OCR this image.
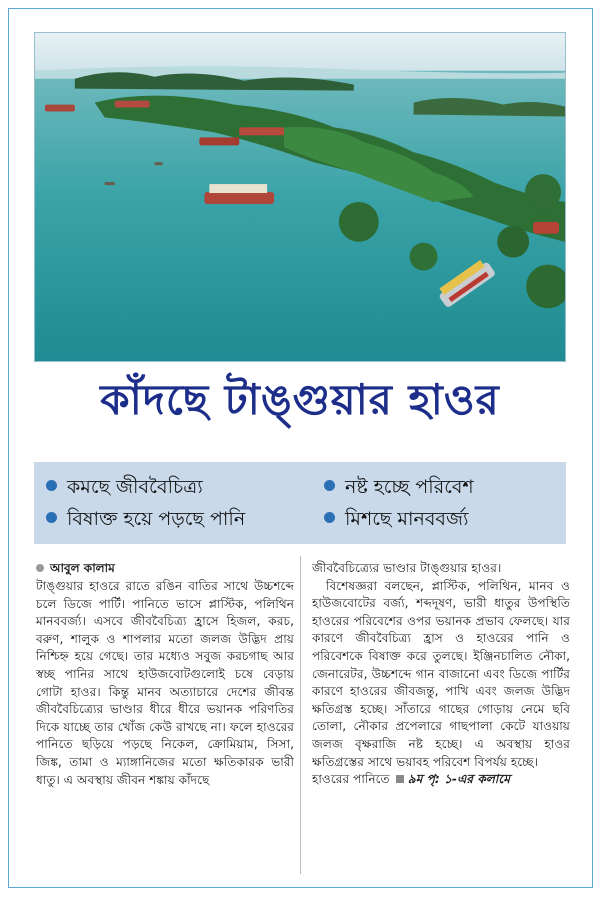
কাঁদছে টাঙ্গুয়ার হাওর
কমছে জীববৈচিত্র্য	নষ্ট হচ্ছে পরিবেশ
বিষাক্ত হয়ে পড়ছে পানি	মিশছে মানববর্জ্য
আবুল কালাম

টাঙ্গুয়ার হাওরে রাতে রঙিন বাতির সাথে উচ্চশব্দে চলে ডিজে পার্টি। পানিতে ভাসে প্লাস্টিক, পলিথিন মানববর্জ্য। এসবে জীববৈচিত্র্য হ্রাসে হিজল, করচ, বরুণ, শালুক ও শাপলার মতো জলজ উদ্ভিদ প্রায় নিশ্চিহ্ন হয়ে গেছে। তার মধ্যেও সবুজ করচগাছ আর স্বচ্ছ পানির সাথে হাউজবোটগুলোই চষে বেড়ায় গোটা হাওর। কিন্তু মানব অত্যাচারে দেশের জীবন্ত জীববৈচিত্র্যের ভাণ্ডার ধীরে ধীরে ভয়ানক পরিণতির দিকে যাচ্ছে তার খোঁজ কেউ রাখছে না। ফলে হাওরের পানিতে ছড়িয়ে পড়ছে নিকেল, ক্রোমিয়াম, সিসা, জিঙ্ক, তামা ও ম্যাঙ্গানিজের মতো ক্ষতিকারক ভারী ধাতু। এ অবস্থায় জীবন শঙ্কায় কাঁদছে

জীববৈচিত্র্যের ভাণ্ডার টাঙ্গুয়ার হাওর।

বিশেষজ্ঞরা বলছেন, প্লাস্টিক, পলিথিন, মানব ও হাউজবোটের বর্জ্য, শব্দদূষণ, ভারী ধাতুর উপস্থিতি হাওরের পরিবেশের ওপর ভয়ানক প্রভাব ফেলছে। যার কারণে জীববৈচিত্র্য হ্রাস ও হাওরের পানি ও পরিবেশকে বিষাক্ত করে তুলছে। ইঞ্জিনচালিত নৌকা, জেনারেটর, উচ্চশব্দে গান বাজানো এবং ডিজে পার্টির কারণে হাওরের জীবজন্তু, পাখি এবং জলজ উদ্ভিদ ক্ষতিগ্রস্ত হচ্ছে। সাঁতারে গাছের গোড়ায় নেমে ছবি তোলা, নৌকার প্রপেলারে গাছপালা কেটে যাওয়ায় জলজ বৃক্ষরাজি নষ্ট হচ্ছে। এ অবস্থায় হাওর ক্ষতিগ্রস্তের সাথে ভয়াবহ পরিবেশ বিপর্যয় হচ্ছে।

হাওরের পানিতে ৯ম পৃ: ১-এর কলামে
